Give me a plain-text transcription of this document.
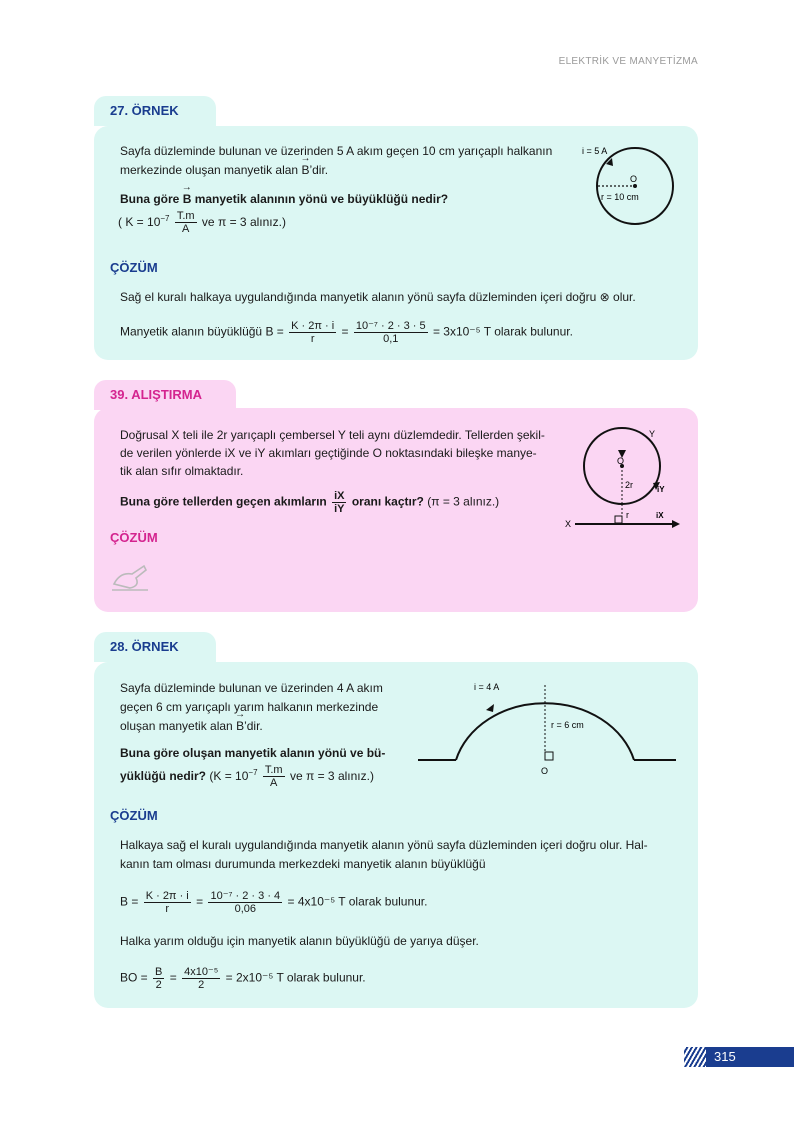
ELEKTRİK VE MANYETİZMA
27. ÖRNEK
Sayfa düzleminde bulunan ve üzerinden 5 A akım geçen 10 cm yarıçaplı halkanın
merkezinde oluşan manyetik alan → B’dir.
Buna göre → B manyetik alanının yönü ve büyüklüğü nedir?
( $K = 10^{-7} \frac{T.m}{A}$ ve π = 3 alınız.)
i = 5 A
O
r = 10 cm
ÇÖZÜM
Sağ el kuralı halkaya uygulandığında manyetik alanın yönü sayfa düzleminden içeri doğru ⊗ olur.
Manyetik alanın büyüklüğü $B = \frac{K \cdot 2\pi \cdot i}{r} = \frac{\text{10⁻⁷ · 2 · 3 · 5}}{0,1} = 3x10^{-5}$ T olarak bulunur.
39. ALIŞTIRMA
Doğrusal X teli ile 2r yarıçaplı çembersel Y teli aynı düzlemdedir. Tellerden şekil-
de verilen yönlerde iX ve iY akımları geçtiğinde O noktasındaki bileşke manye-
tik alan sıfır olmaktadır.
Buna göre tellerden geçen akımların $\frac{iX}{iY}$ oranı kaçtır? (π = 3 alınız.)
ÇÖZÜM
Y
O
2r	iY
r
X
iX
28. ÖRNEK
Sayfa düzleminde bulunan ve üzerinden 4 A akım
geçen 6 cm yarıçaplı yarım halkanın merkezinde
oluşan manyetik alan → B’dir.
Buna göre oluşan manyetik alanın yönü ve bü-
yüklüğü nedir? ($K = 10^{-7} \frac{T.m}{A}$ ve π = 3 alınız.)
i = 4 A
r = 6 cm
O
ÇÖZÜM
Halkaya sağ el kuralı uygulandığında manyetik alanın yönü sayfa düzleminden içeri doğru olur. Hal-
kanın tam olması durumunda merkezdeki manyetik alanın büyüklüğü
$B = \frac{K \cdot 2\pi \cdot i}{r} = \frac{\text{10⁻⁷ · 2 · 3 · 4}}{0,06} = 4x10^{-5}$ T olarak bulunur.
Halka yarım olduğu için manyetik alanın büyüklüğü de yarıya düşer.
BO = $\frac{B}{2} = \frac{\text{4x10⁻⁵}}{2} = 2x10^{-5}$ T olarak bulunur.
315
